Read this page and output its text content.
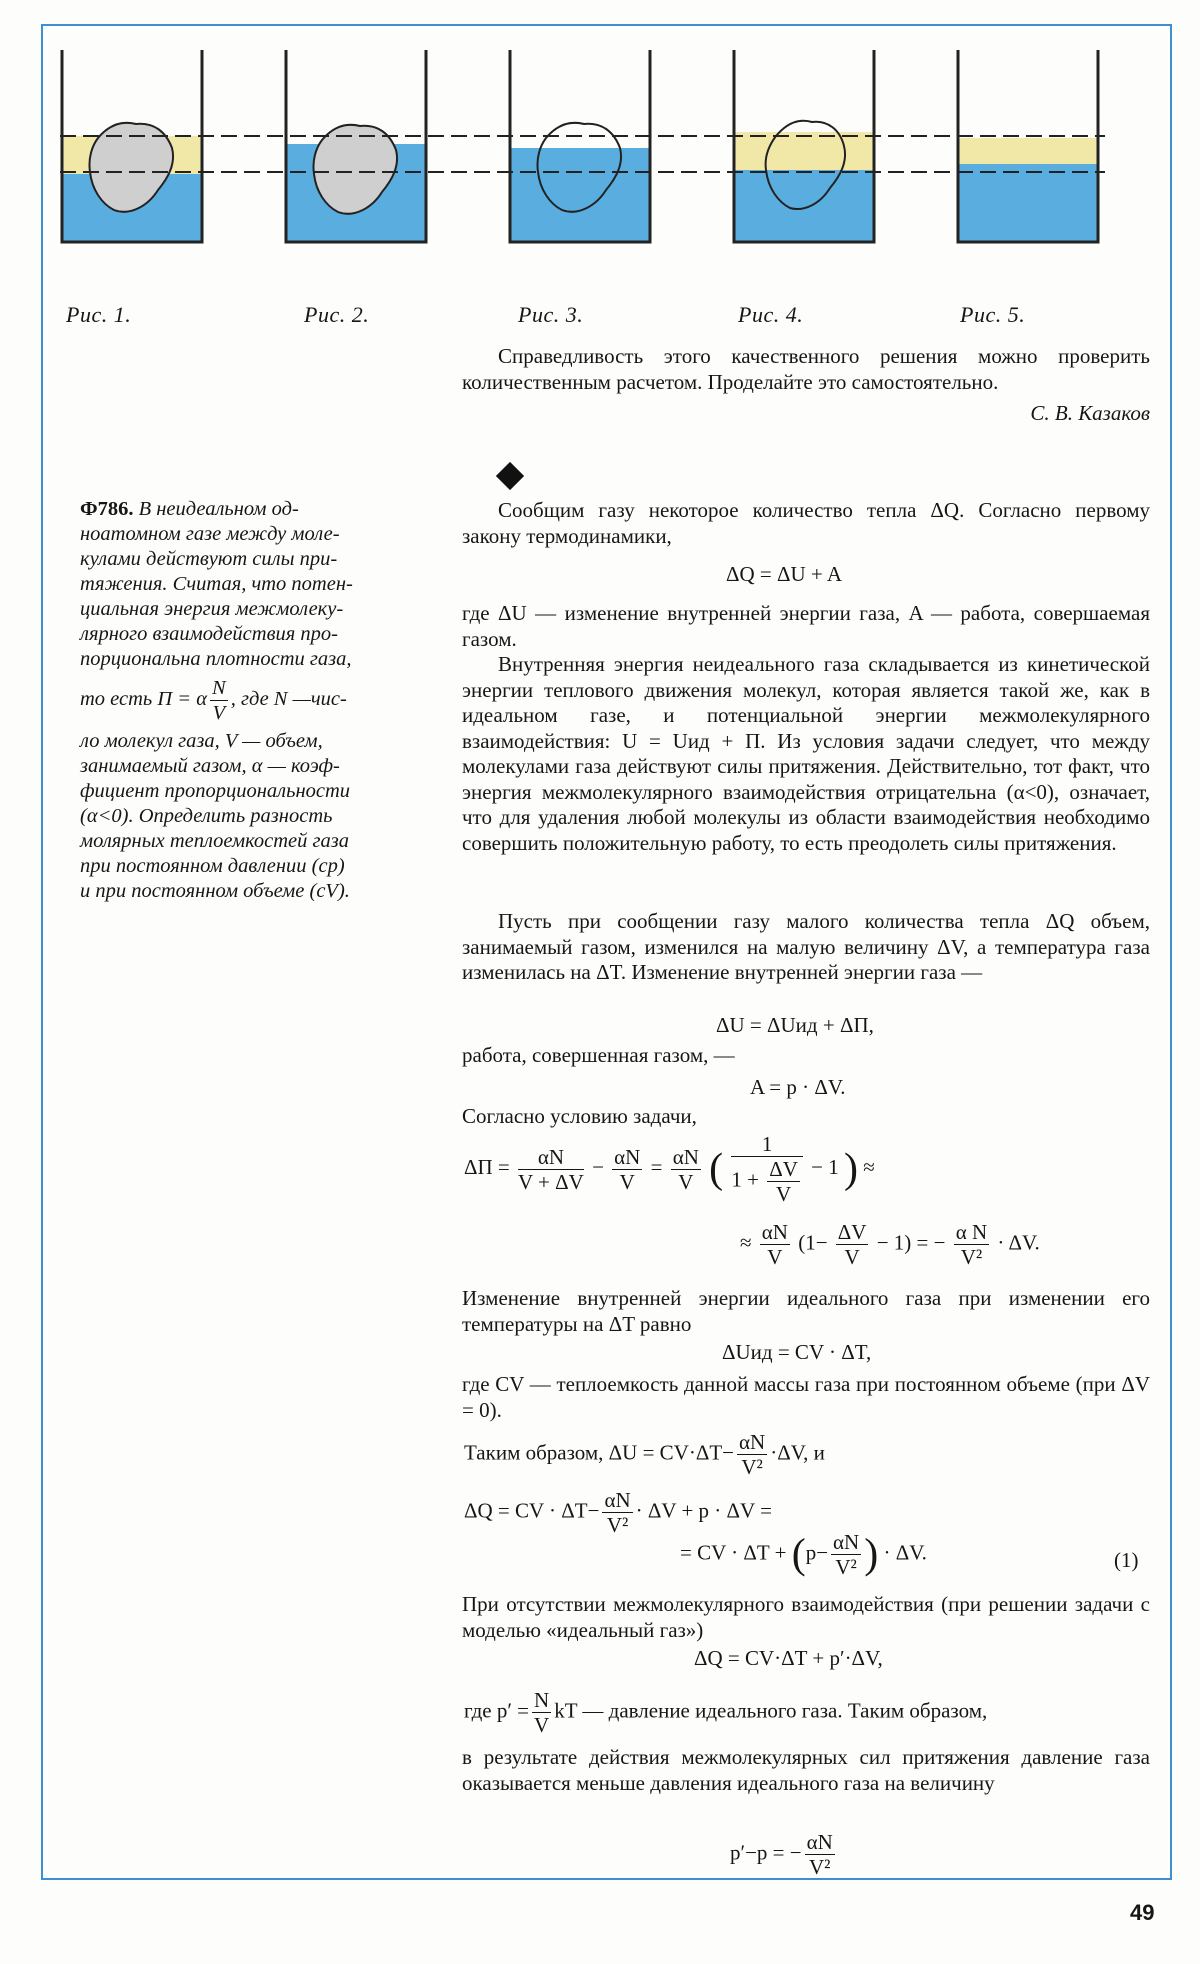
Рис. 1.	Рис. 2.	Рис. 3.	Рис. 4.	Рис. 5.

Справедливость этого качественного решения можно проверить количественным расчетом. Проделайте это самостоятельно.

С. В. Казаков

Ф786. В неидеальном од-
ноатомном газе между моле-
кулами действуют силы при-
тяжения. Считая, что потен-
циальная энергия межмолеку-
лярного взаимодействия про-
порциональна плотности газа,
то есть П = α $\frac{N}{V}$ , где N —чис-
ло молекул газа, V — объем,
занимаемый газом, α — коэф-
фициент пропорциональности
(α<0). Определить разность
молярных теплоемкостей газа
при постоянном давлении (cp)
и при постоянном объеме (cV).

Сообщим газу некоторое количество тепла ΔQ. Согласно первому закону термодинамики,

ΔQ = ΔU + A

где ΔU — изменение внутренней энергии газа, A — работа, совершаемая газом.

Внутренняя энергия неидеального газа складывается из кинетической энергии теплового движения молекул, которая является такой же, как в идеальном газе, и потенциальной энергии межмолекулярного взаимодействия: U = Uид + П. Из условия задачи следует, что между молекулами газа действуют силы притяжения. Действительно, тот факт, что энергия межмолекулярного взаимодействия отрицательна (α<0), означает, что для удаления любой молекулы из области взаимодействия необходимо совершить положительную работу, то есть преодолеть силы притяжения.

Пусть при сообщении газу малого количества тепла ΔQ объем, занимаемый газом, изменился на малую величину ΔV, а температура газа изменилась на ΔT. Изменение внутренней энергии газа —

ΔU = ΔUид + ΔП,

работа, совершенная газом, —

A = p · ΔV.

Согласно условию задачи,

$\Delta П = \frac{\alpha N}{V + \Delta V} - \frac{\alpha N}{V} = \frac{\alpha N}{V}$ ( $\frac{1}{1 + \frac{\Delta V}{V}} - 1$ ) ≈
≈ $\frac{\alpha N}{V} (1- \frac{\Delta V}{V} - 1)$ = − $\frac{\text{α N}}{\text{V²}} \cdot \Delta V$.

Изменение внутренней энергии идеального газа при изменении его температуры на ΔT равно

ΔUид = CV · ΔT,

где CV — теплоемкость данной массы газа при постоянном объеме (при ΔV = 0).

Таким образом, $\Delta U = CV\cdot\Delta T- \frac{\alpha N}{\text{V²}} \cdot\Delta V$, и
ΔQ = CV · $\Delta T- \frac{\alpha N}{\text{V²}} \cdot \Delta V + p \cdot \Delta V$ =
= CV · $\Delta T + (p- \frac{\alpha N}{\text{V²}}$ ) · ΔV.	(1)

При отсутствии межмолекулярного взаимодействия (при решении задачи с моделью «идеальный газ»)

ΔQ = CV·ΔT + p′·ΔV,
где $p' = \frac{N}{V}$ kT — давление идеального газа. Таким образом,

в результате действия межмолекулярных сил притяжения давление газа оказывается меньше давления идеального газа на величину

p′−p = − $\frac{\alpha N}{\text{V²}}$
49
